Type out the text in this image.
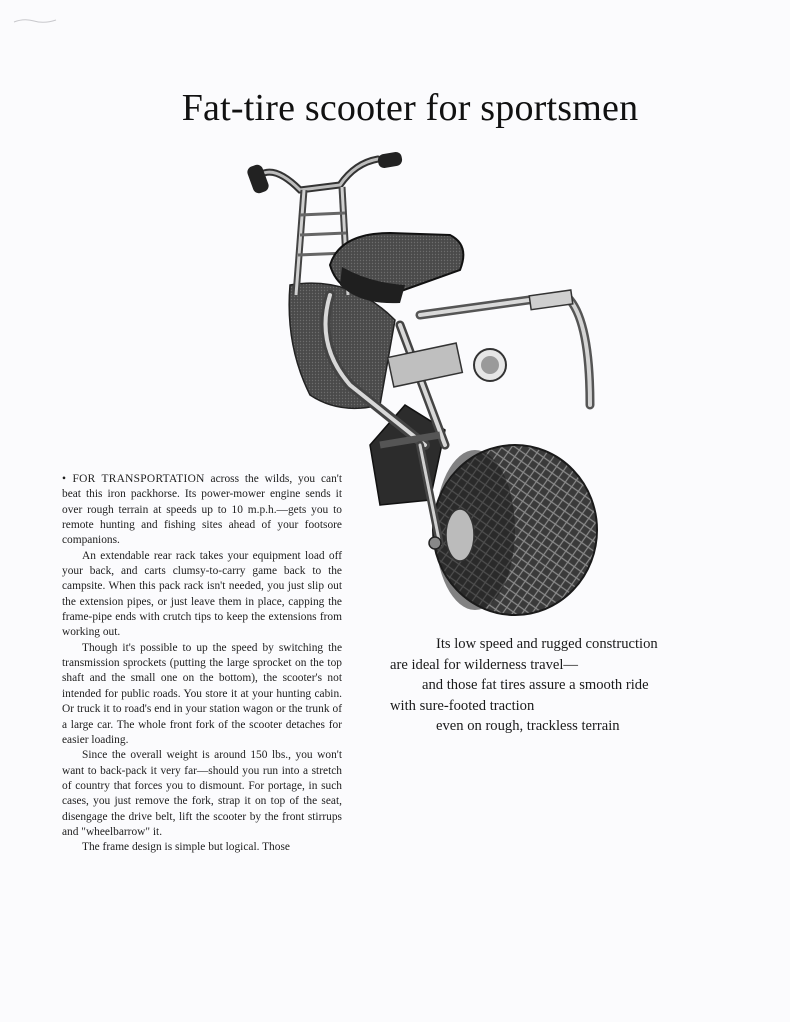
Fat-tire scooter for sportsmen

• FOR TRANSPORTATION across the wilds, you can't beat this iron packhorse. Its power-mower engine sends it over rough terrain at speeds up to 10 m.p.h.—gets you to remote hunting and fishing sites ahead of your footsore companions.

An extendable rear rack takes your equipment load off your back, and carts clumsy-to-carry game back to the campsite. When this pack rack isn't needed, you just slip out the extension pipes, or just leave them in place, capping the frame-pipe ends with crutch tips to keep the extensions from working out.

Though it's possible to up the speed by switching the transmission sprockets (putting the large sprocket on the top shaft and the small one on the bottom), the scooter's not intended for public roads. You store it at your hunting cabin. Or truck it to road's end in your station wagon or the trunk of a large car. The whole front fork of the scooter detaches for easier loading.

Since the overall weight is around 150 lbs., you won't want to back-pack it very far—should you run into a stretch of country that forces you to dismount. For portage, in such cases, you just remove the fork, strap it on top of the seat, disengage the drive belt, lift the scooter by the front stirrups and "wheelbarrow" it.

The frame design is simple but logical. Those

Its low speed and rugged construction
are ideal for wilderness travel—
and those fat tires assure a smooth ride
with sure-footed traction
even on rough, trackless terrain
